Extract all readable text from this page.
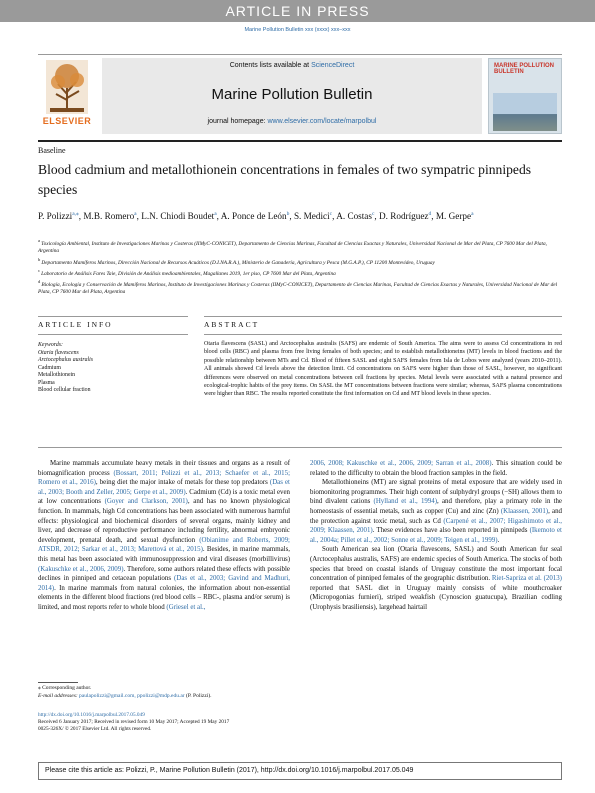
ARTICLE IN PRESS
Marine Pollution Bulletin xxx (xxxx) xxx–xxx
ELSEVIER
Contents lists available at ScienceDirect
Marine Pollution Bulletin
journal homepage: www.elsevier.com/locate/marpolbul
MARINE POLLUTION BULLETIN
Baseline
Blood cadmium and metallothionein concentrations in females of two sympatric pinnipeds species
P. Polizzi$^{a,⁎}$, M.B. Romero$^a$, L.N. Chiodi Boudet$^a$, A. Ponce de León$^b$, S. Medici$^c$, A. Costas$^c$, D. Rodríguez$^d$, M. Gerpe$^a$
$^a$ Toxicología Ambiental, Instituto de Investigaciones Marinas y Costeras (IIMyC-CONICET), Departamento de Ciencias Marinas, Facultad de Ciencias Exactas y Naturales, Universidad Nacional de Mar del Plata, CP 7600 Mar del Plata, Argentina
$^b$ Departamento Mamíferos Marinos, Dirección Nacional de Recursos Acuáticos (D.I.NA.R.A.), Ministerio de Ganadería, Agricultura y Pesca (M.G.A.P.), CP 11200 Montevideo, Uruguay
$^c$ Laboratorio de Análisis Fares Taie, División de Análisis medioambientales, Magallanes 2019, 1er piso, CP 7600 Mar del Plata, Argentina
$^d$ Biología, Ecología y Conservación de Mamíferos Marinos, Instituto de Investigaciones Marinas y Costeras (IIMyC-CONICET), Departamento de Ciencias Marinas, Facultad de Ciencias Exactas y Naturales, Universidad Nacional de Mar del Plata, CP 7600 Mar del Plata, Argentina
ARTICLE INFO	ABSTRACT
Keywords:
Otaria flavescens
Arctocephalus australis
Cadmium
Metallothionein
Plasma
Blood cellular fraction
Otaria flavescens (SASL) and Arctocephalus australis (SAFS) are endemic of South America. The aims were to assess Cd concentrations in red blood cells (RBC) and plasma from free living females of both species; and to establish metallothioneins (MT) levels in blood fractions and the possible relationship between MTs and Cd. Blood of fifteen SASL and eight SAFS females from Isla de Lobos were analyzed (years 2010–2011). All animals showed Cd levels above the detection limit. Cd concentrations on SAFS were higher than those of SASL, however, no significant differences were observed on metal concentrations between cell fractions by species. Metal levels were associated with a natural presence and ecological-trophic habits of the prey items. On SASL the MT concentrations between fractions were similar; whereas, SAFS plasma concentrations were higher than RBC. The results reported constitute the first information on Cd and MT blood levels in these species.

Marine mammals accumulate heavy metals in their tissues and organs as a result of biomagnification process (Bossart, 2011; Polizzi et al., 2013; Schaefer et al., 2015; Romero et al., 2016), being diet the major intake of metals for these top predators (Das et al., 2003; Booth and Zeller, 2005; Gerpe et al., 2009). Cadmium (Cd) is a toxic metal even at low concentrations (Goyer and Clarkson, 2001), and has no known physiological function. In mammals, high Cd concentrations has been associated with numerous harmful effects: physiological and biochemical disorders of several organs, mainly kidney and liver, and decrease of reproductive performance including fertility, abnormal embryonic development, prenatal death, and sexual dysfunction (Obianime and Roberts, 2009; ATSDR, 2012; Sarkar et al., 2013; Marettová et al., 2015). Besides, in marine mammals, this metal has been associated with immunosuppression and viral diseases (morbillivirus) (Kakuschke et al., 2006, 2009). Therefore, some authors related these effects with possible declines in pinniped and cetacean populations (Das et al., 2003; Gavind and Madhuri, 2014). In marine mammals from natural colonies, the information about non-essential elements in the different blood fractions (red blood cells – RBC-, plasma and/or serum) is limited, and most reports refer to whole blood (Griesel et al.,

2006, 2008; Kakuschke et al., 2006, 2009; Sarran et al., 2008). This situation could be related to the difficulty to obtain the blood fraction samples in the field.

Metallothioneins (MT) are signal proteins of metal exposure that are widely used in biomonitoring programmes. Their high content of sulphydryl groups (−SH) allows them to bind divalent cations (Hylland et al., 1994), and therefore, play a primary role in the homeostasis of essential metals, such as copper (Cu) and zinc (Zn) (Klaassen, 2001), and the protection against toxic metal, such as Cd (Carpené et al., 2007; Higashimoto et al., 2009; Klaassen, 2001). These evidences have also been reported in pinnipeds (Ikemoto et al., 2004a; Pillet et al., 2002; Sonne et al., 2009; Teigen et al., 1999).

South American sea lion (Otaria flavescens, SASL) and South American fur seal (Arctocephalus australis, SAFS) are endemic species of South America. The stocks of both species that breed on coastal islands of Uruguay constitute the most important focal concentration of pinniped females of the geographic distribution. Riet-Sapriza et al. (2013) reported that SASL diet in Uruguay mainly consists of white mouthcroaker (Micropogonias furnieri), striped weakfish (Cynoscion guatucupa), Brazilian codling (Urophysis brasiliensis), largehead hairtail

⁎ Corresponding author.
E-mail addresses: paulapolizzi@gmail.com, ppolizzi@mdp.edu.ar (P. Polizzi).
http://dx.doi.org/10.1016/j.marpolbul.2017.05.049
Received 6 January 2017; Received in revised form 10 May 2017; Accepted 19 May 2017
0025-326X/ © 2017 Elsevier Ltd. All rights reserved.
Please cite this article as: Polizzi, P., Marine Pollution Bulletin (2017), http://dx.doi.org/10.1016/j.marpolbul.2017.05.049
